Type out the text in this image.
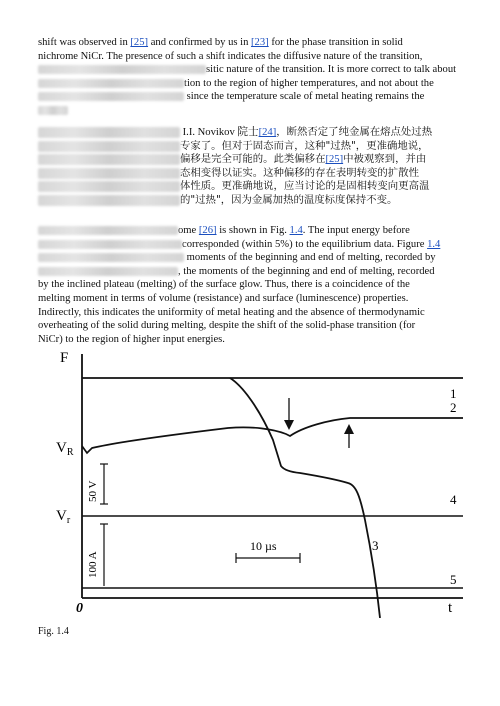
shift was observed in [25] and confirmed by us in [23] for the phase transition in solid
nichrome NiCr. The presence of such a shift indicates the diffusive nature of the transition,
sitic nature of the transition. It is more correct to talk about
tion to the region of higher temperatures, and not about the
since the temperature scale of metal heating remains the
I.I. Novikov 院士[24]，断然否定了纯金属在熔点处过热
专家了。但对于固态而言，这种"过热"，更准确地说，
偏移是完全可能的。此类偏移在[25]中被观察到，并由
态相变得以证实。这种偏移的存在表明转变的扩散性
体性质。更准确地说，应当讨论的是固相转变向更高温
的"过热"，因为金属加热的温度标度保持不变。
ome [26] is shown in Fig. 1.4. The input energy before
corresponded (within 5%) to the equilibrium data. Figure 1.4
moments of the beginning and end of melting, recorded by
, the moments of the beginning and end of melting, recorded
by the inclined plateau (melting) of the surface glow. Thus, there is a coincidence of the
melting moment in terms of volume (resistance) and surface (luminescence) properties.
Indirectly, this indicates the uniformity of metal heating and the absence of thermodynamic
overheating of the solid during melting, despite the shift of the solid-phase transition (for
NiCr) to the region of higher input energies.
F
t
0
$V_R$
$V_r$
50 V
100 A
10 µs
1
2
3
4
5
Fig. 1.4
